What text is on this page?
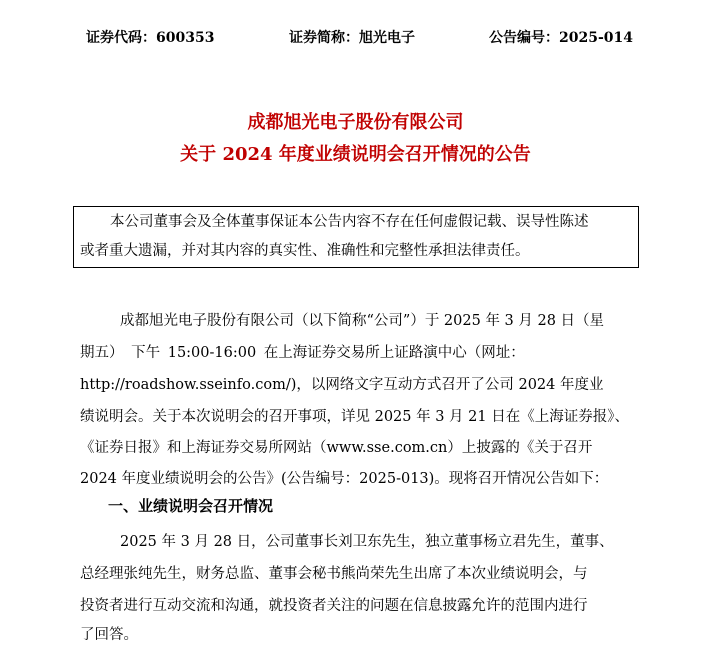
证券代码：600353	证券简称：旭光电子	公告编号：2025-014
成都旭光电子股份有限公司
关于 2024 年度业绩说明会召开情况的公告
本公司董事会及全体董事保证本公告内容不存在任何虚假记载、误导性陈述
或者重大遗漏，并对其内容的真实性、准确性和完整性承担法律责任。
成都旭光电子股份有限公司（以下简称“公司”）于 2025 年 3 月 28 日（星
期五） 下午 15:00-16:00 在上海证券交易所上证路演中心（网址：
http://roadshow.sseinfo.com/)，以网络文字互动方式召开了公司 2024 年度业
绩说明会。关于本次说明会的召开事项，详见 2025 年 3 月 21 日在《上海证券报》、
《证券日报》和上海证券交易所网站（www.sse.com.cn）上披露的《关于召开
2024 年度业绩说明会的公告》(公告编号：2025-013)。现将召开情况公告如下：
一、业绩说明会召开情况
2025 年 3 月 28 日，公司董事长刘卫东先生，独立董事杨立君先生，董事、
总经理张纯先生，财务总监、董事会秘书熊尚荣先生出席了本次业绩说明会，与
投资者进行互动交流和沟通，就投资者关注的问题在信息披露允许的范围内进行
了回答。
